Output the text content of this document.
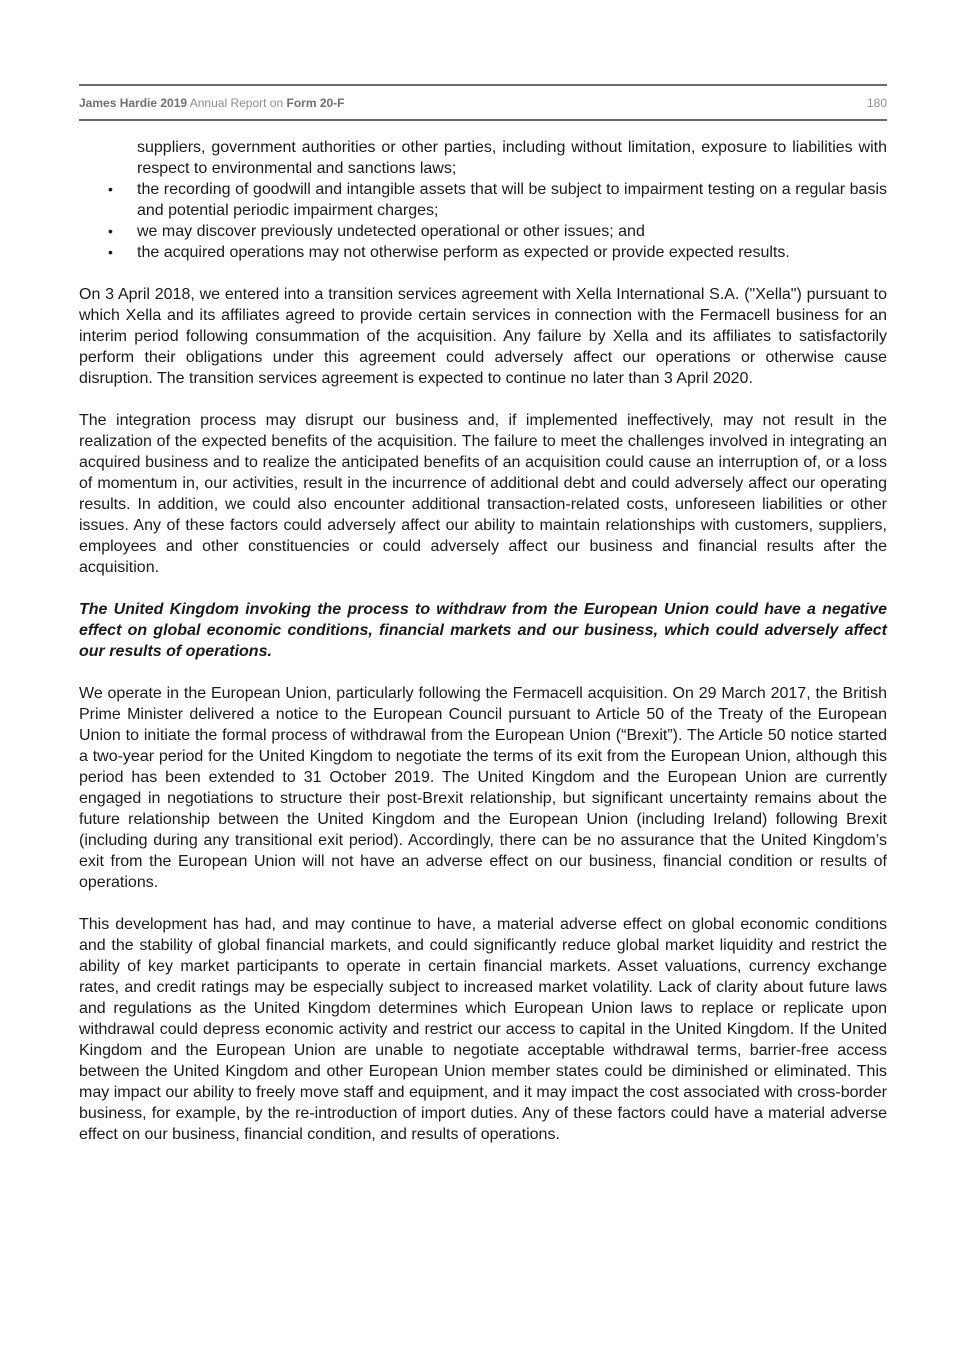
James Hardie 2019 Annual Report on Form 20-F	180
suppliers, government authorities or other parties, including without limitation, exposure to liabilities with respect to environmental and sanctions laws;
• the recording of goodwill and intangible assets that will be subject to impairment testing on a regular basis and potential periodic impairment charges;
• we may discover previously undetected operational or other issues; and
• the acquired operations may not otherwise perform as expected or provide expected results.

On 3 April 2018, we entered into a transition services agreement with Xella International S.A. ("Xella") pursuant to which Xella and its affiliates agreed to provide certain services in connection with the Fermacell business for an interim period following consummation of the acquisition. Any failure by Xella and its affiliates to satisfactorily perform their obligations under this agreement could adversely affect our operations or otherwise cause disruption. The transition services agreement is expected to continue no later than 3 April 2020.

The integration process may disrupt our business and, if implemented ineffectively, may not result in the realization of the expected benefits of the acquisition. The failure to meet the challenges involved in integrating an acquired business and to realize the anticipated benefits of an acquisition could cause an interruption of, or a loss of momentum in, our activities, result in the incurrence of additional debt and could adversely affect our operating results. In addition, we could also encounter additional transaction-related costs, unforeseen liabilities or other issues. Any of these factors could adversely affect our ability to maintain relationships with customers, suppliers, employees and other constituencies or could adversely affect our business and financial results after the acquisition.

The United Kingdom invoking the process to withdraw from the European Union could have a negative effect on global economic conditions, financial markets and our business, which could adversely affect our results of operations.

We operate in the European Union, particularly following the Fermacell acquisition. On 29 March 2017, the British Prime Minister delivered a notice to the European Council pursuant to Article 50 of the Treaty of the European Union to initiate the formal process of withdrawal from the European Union (“Brexit”). The Article 50 notice started a two-year period for the United Kingdom to negotiate the terms of its exit from the European Union, although this period has been extended to 31 October 2019. The United Kingdom and the European Union are currently engaged in negotiations to structure their post-Brexit relationship, but significant uncertainty remains about the future relationship between the United Kingdom and the European Union (including Ireland) following Brexit (including during any transitional exit period). Accordingly, there can be no assurance that the United Kingdom’s exit from the European Union will not have an adverse effect on our business, financial condition or results of operations.

This development has had, and may continue to have, a material adverse effect on global economic conditions and the stability of global financial markets, and could significantly reduce global market liquidity and restrict the ability of key market participants to operate in certain financial markets. Asset valuations, currency exchange rates, and credit ratings may be especially subject to increased market volatility. Lack of clarity about future laws and regulations as the United Kingdom determines which European Union laws to replace or replicate upon withdrawal could depress economic activity and restrict our access to capital in the United Kingdom. If the United Kingdom and the European Union are unable to negotiate acceptable withdrawal terms, barrier-free access between the United Kingdom and other European Union member states could be diminished or eliminated. This may impact our ability to freely move staff and equipment, and it may impact the cost associated with cross-border business, for example, by the re-introduction of import duties. Any of these factors could have a material adverse effect on our business, financial condition, and results of operations.
